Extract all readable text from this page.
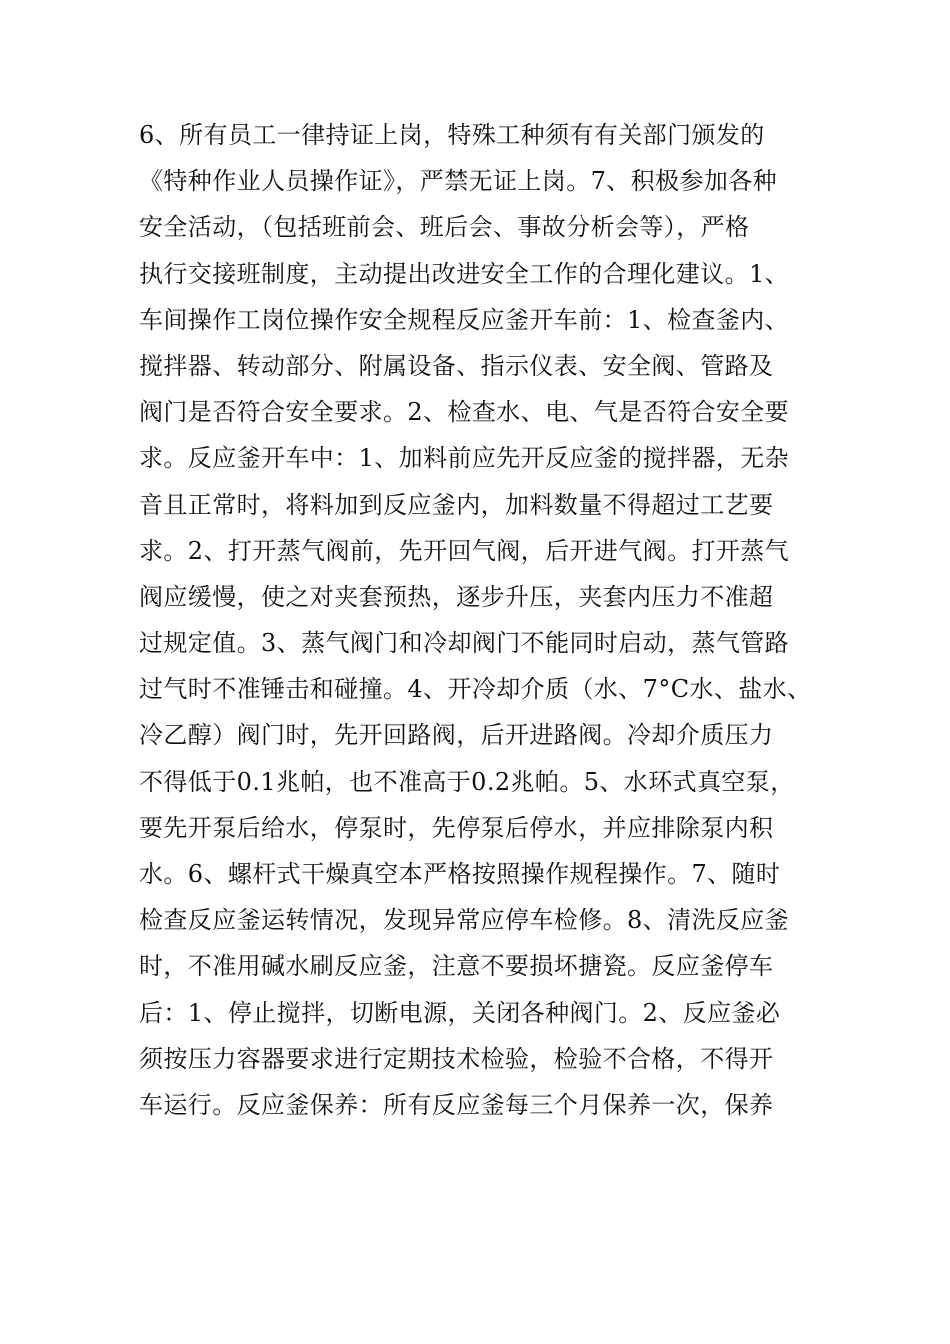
6、所有员工一律持证上岗，特殊工种须有有关部门颁发的
《特种作业人员操作证》，严禁无证上岗。7、积极参加各种
安全活动，（包括班前会、班后会、事故分析会等），严格
执行交接班制度，主动提出改进安全工作的合理化建议。1、
车间操作工岗位操作安全规程反应釜开车前：1、检查釜内、
搅拌器、转动部分、附属设备、指示仪表、安全阀、管路及
阀门是否符合安全要求。2、检查水、电、气是否符合安全要
求。反应釜开车中：1、加料前应先开反应釜的搅拌器，无杂
音且正常时，将料加到反应釜内，加料数量不得超过工艺要
求。2、打开蒸气阀前，先开回气阀，后开进气阀。打开蒸气
阀应缓慢，使之对夹套预热，逐步升压，夹套内压力不准超
过规定值。3、蒸气阀门和冷却阀门不能同时启动，蒸气管路
过气时不准锤击和碰撞。4、开冷却介质（水、7°C水、盐水、
冷乙醇）阀门时，先开回路阀，后开进路阀。冷却介质压力
不得低于0.1兆帕，也不准高于0.2兆帕。5、水环式真空泵，
要先开泵后给水，停泵时，先停泵后停水，并应排除泵内积
水。6、螺杆式干燥真空本严格按照操作规程操作。7、随时
检查反应釜运转情况，发现异常应停车检修。8、清洗反应釜
时，不准用碱水刷反应釜，注意不要损坏搪瓷。反应釜停车
后：1、停止搅拌，切断电源，关闭各种阀门。2、反应釜必
须按压力容器要求进行定期技术检验，检验不合格，不得开
车运行。反应釜保养：所有反应釜每三个月保养一次，保养
